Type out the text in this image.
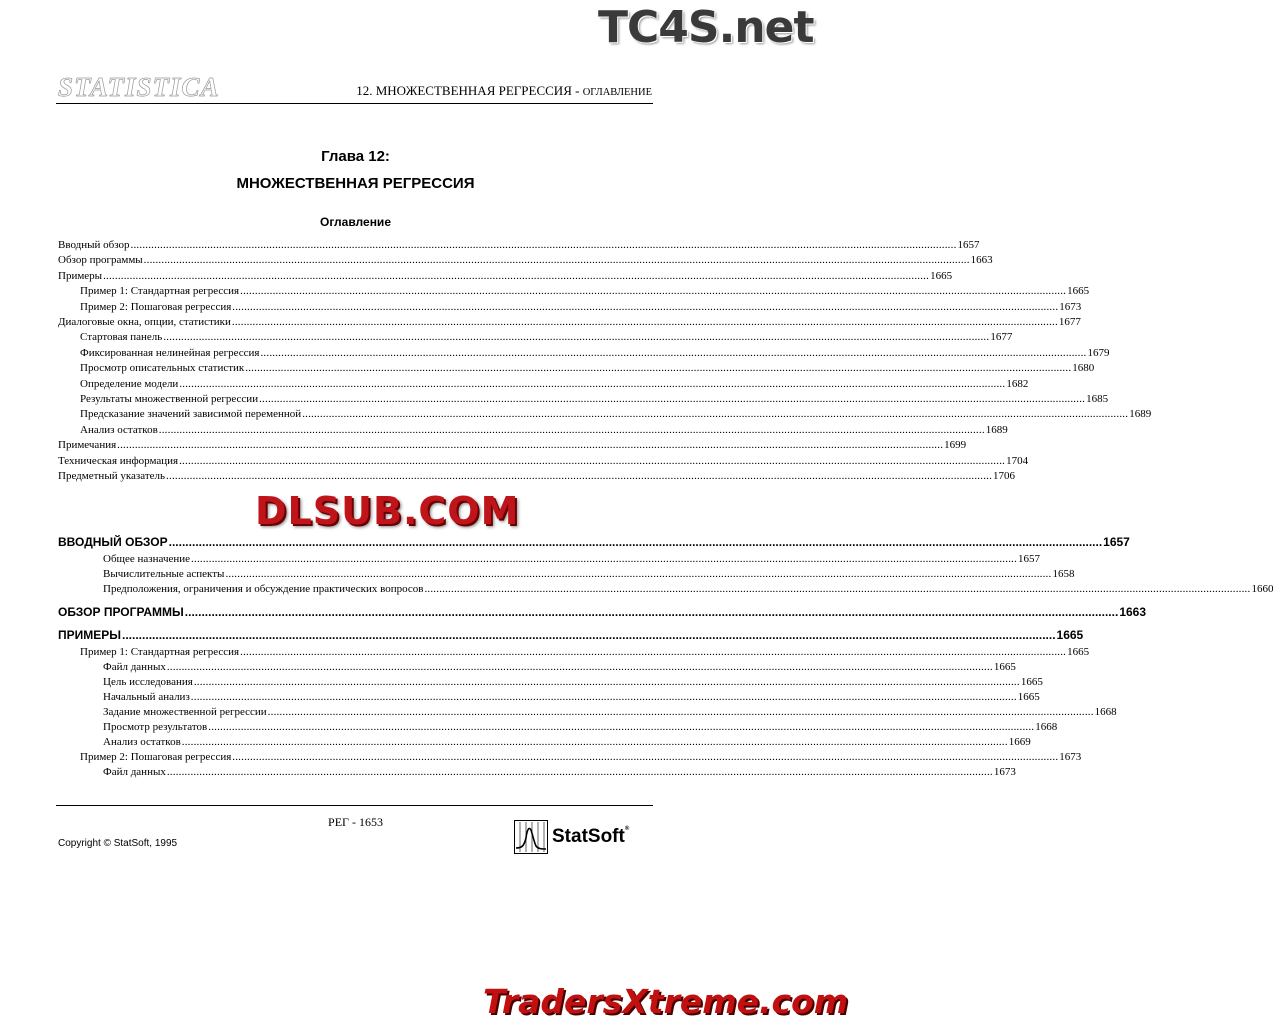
TC4S.net
DLSUB.COM
TradersXtreme.com
STATISTICA	12. МНОЖЕСТВЕННАЯ РЕГРЕССИЯ - ОГЛАВЛЕНИЕ
Глава 12:
МНОЖЕСТВЕННАЯ РЕГРЕССИЯ
Оглавление
Вводный обзор .....	1657
Обзор программы .....	1663
Примеры .....	1665
Пример 1: Стандартная регрессия .....	1665
Пример 2: Пошаговая регрессия .....	1673
Диалоговые окна, опции, статистики .....	1677
Стартовая панель .....	1677
Фиксированная нелинейная регрессия .....	1679
Просмотр описательных статистик .....	1680
Определение модели .....	1682
Результаты множественной регрессии .....	1685
Предсказание значений зависимой переменной .....	1689
Анализ остатков .....	1689
Примечания .....	1699
Техническая информация .....	1704
Предметный указатель .....	1706
ВВОДНЫЙ ОБЗОР .....	1657
Общее назначение .....	1657
Вычислительные аспекты .....	1658
Предположения, ограничения и обсуждение практических вопросов .....	1660
ОБЗОР ПРОГРАММЫ .....	1663
ПРИМЕРЫ .....	1665
Пример 1: Стандартная регрессия .....	1665
Файл данных .....	1665
Цель исследования .....	1665
Начальный анализ .....	1665
Задание множественной регрессии .....	1668
Просмотр результатов .....	1668
Анализ остатков .....	1669
Пример 2: Пошаговая регрессия .....	1673
Файл данных .....	1673
РЕГ - 1653
Copyright © StatSoft, 1995	StatSoft®
